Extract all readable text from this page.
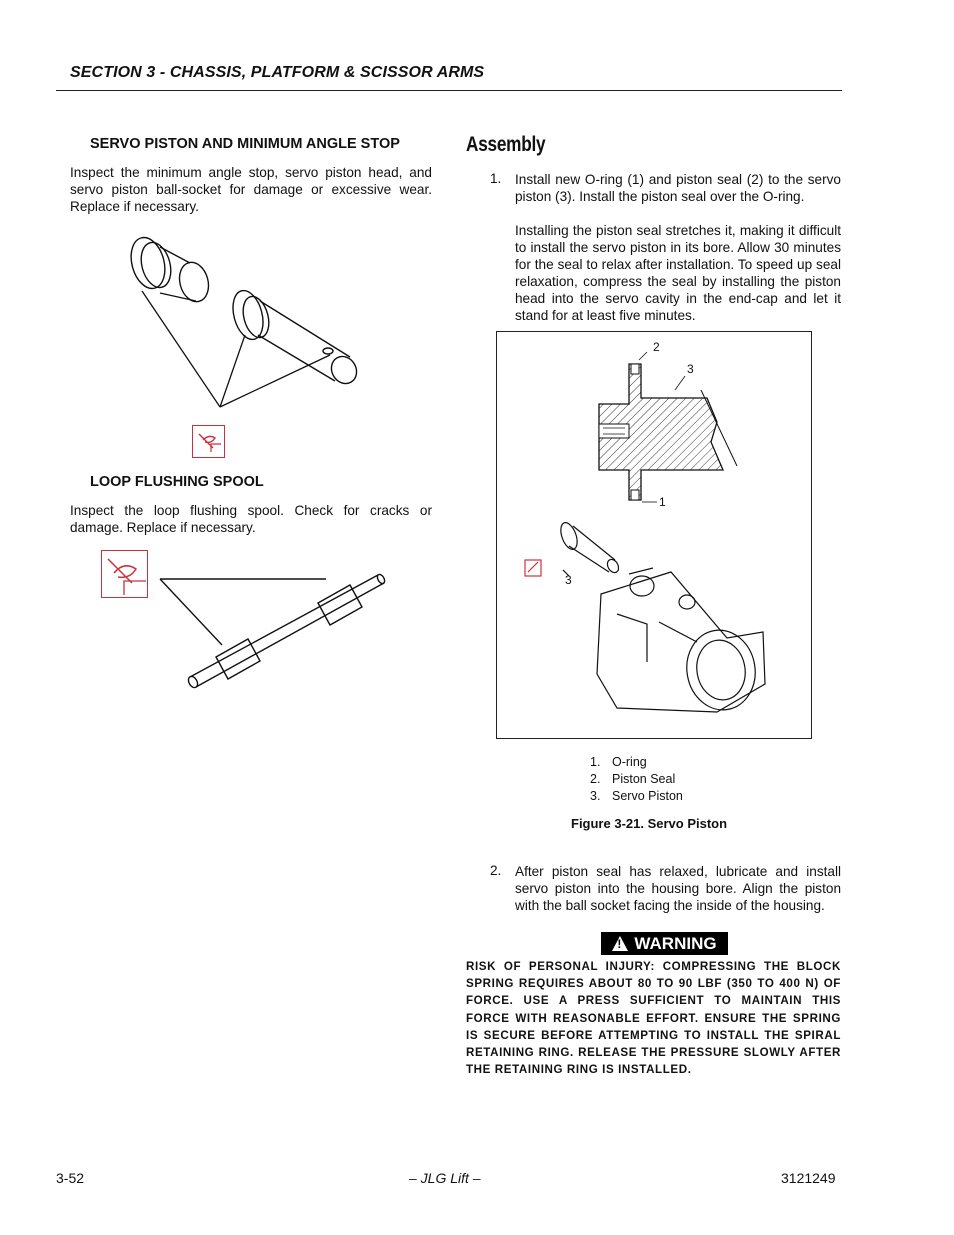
SECTION 3 - CHASSIS, PLATFORM & SCISSOR ARMS
SERVO PISTON AND MINIMUM ANGLE STOP
Inspect the minimum angle stop, servo piston head, and servo piston ball-socket for damage or excessive wear. Replace if necessary.
LOOP FLUSHING SPOOL
Inspect the loop flushing spool. Check for cracks or damage. Replace if necessary.
Assembly
1. Install new O-ring (1) and piston seal (2) to the servo piston (3). Install the piston seal over the O-ring.
Installing the piston seal stretches it, making it difficult to install the servo piston in its bore. Allow 30 minutes for the seal to relax after installation. To speed up seal relaxation, compress the seal by installing the piston head into the servo cavity in the end-cap and let it stand for at least five minutes.
2
3
1
3
1. O-ring
2. Piston Seal
3. Servo Piston
Figure 3-21. Servo Piston
2. After piston seal has relaxed, lubricate and install servo piston into the housing bore. Align the piston with the ball socket facing the inside of the housing.
!
WARNING
RISK OF PERSONAL INJURY: COMPRESSING THE BLOCK SPRING REQUIRES ABOUT 80 TO 90 LBF (350 TO 400 N) OF FORCE. USE A PRESS SUFFICIENT TO MAINTAIN THIS FORCE WITH REASONABLE EFFORT. ENSURE THE SPRING IS SECURE BEFORE ATTEMPTING TO INSTALL THE SPIRAL RETAINING RING. RELEASE THE PRESSURE SLOWLY AFTER THE RETAINING RING IS INSTALLED.
3-52	– JLG Lift –	3121249
